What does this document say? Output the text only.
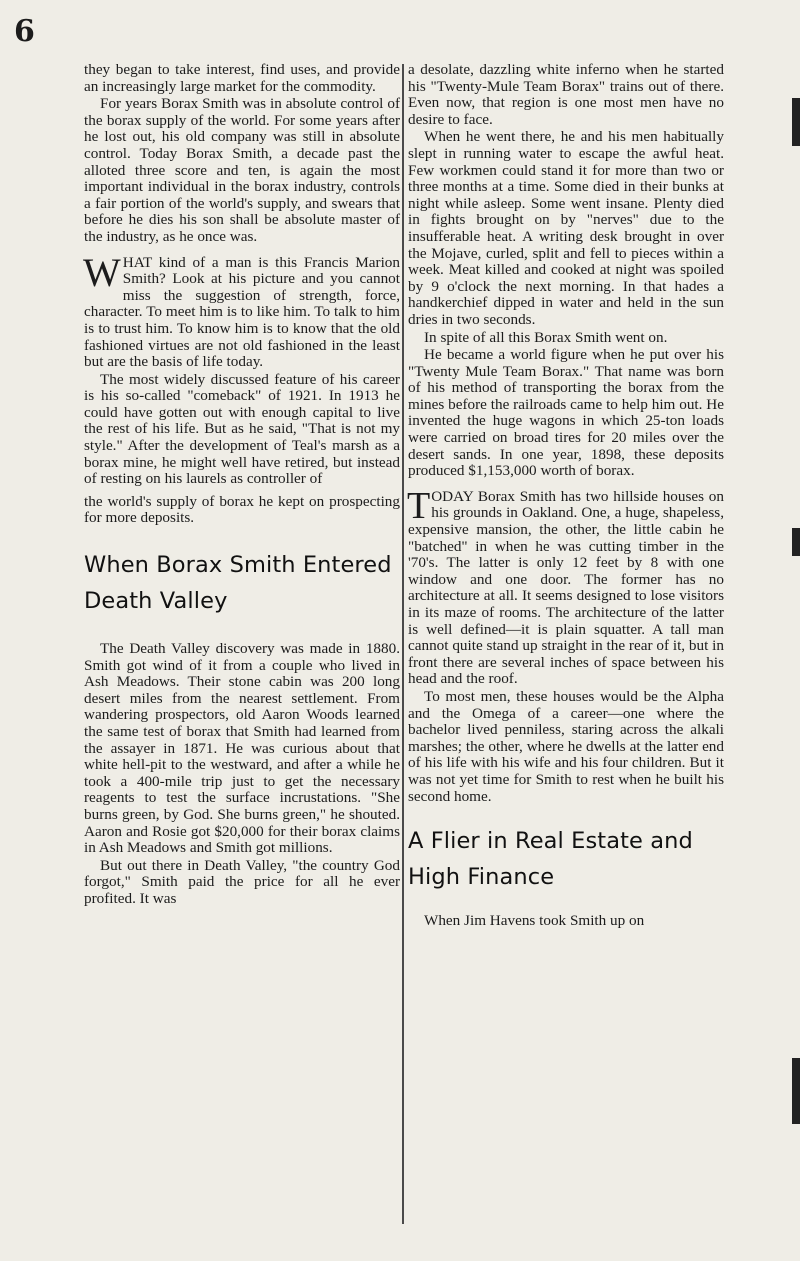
6

they began to take interest, find uses, and provide an increasingly large market for the commodity.

For years Borax Smith was in absolute control of the borax supply of the world. For some years after he lost out, his old company was still in absolute control. Today Borax Smith, a decade past the alloted three score and ten, is again the most important individual in the borax industry, controls a fair portion of the world's supply, and swears that before he dies his son shall be absolute master of the industry, as he once was.

WHAT kind of a man is this Francis Marion Smith? Look at his picture and you cannot miss the suggestion of strength, force, character. To meet him is to like him. To talk to him is to trust him. To know him is to know that the old fashioned virtues are not old fashioned in the least but are the basis of life today.

The most widely discussed feature of his career is his so-called "comeback" of 1921. In 1913 he could have gotten out with enough capital to live the rest of his life. But as he said, "That is not my style." After the development of Teal's marsh as a borax mine, he might well have retired, but instead of resting on his laurels as controller of

the world's supply of borax he kept on prospecting for more deposits.

When Borax Smith Entered Death Valley

The Death Valley discovery was made in 1880. Smith got wind of it from a couple who lived in Ash Meadows. Their stone cabin was 200 long desert miles from the nearest settlement. From wandering prospectors, old Aaron Woods learned the same test of borax that Smith had learned from the assayer in 1871. He was curious about that white hell-pit to the westward, and after a while he took a 400-mile trip just to get the necessary reagents to test the surface incrustations. "She burns green, by God. She burns green," he shouted. Aaron and Rosie got $20,000 for their borax claims in Ash Meadows and Smith got millions.

But out there in Death Valley, "the country God forgot," Smith paid the price for all he ever profited. It was

a desolate, dazzling white inferno when he started his "Twenty-Mule Team Borax" trains out of there. Even now, that region is one most men have no desire to face.

When he went there, he and his men habitually slept in running water to escape the awful heat. Few workmen could stand it for more than two or three months at a time. Some died in their bunks at night while asleep. Some went insane. Plenty died in fights brought on by "nerves" due to the insufferable heat. A writing desk brought in over the Mojave, curled, split and fell to pieces within a week. Meat killed and cooked at night was spoiled by 9 o'clock the next morning. In that hades a handkerchief dipped in water and held in the sun dries in two seconds.

In spite of all this Borax Smith went on.

He became a world figure when he put over his "Twenty Mule Team Borax." That name was born of his method of transporting the borax from the mines before the railroads came to help him out. He invented the huge wagons in which 25-ton loads were carried on broad tires for 20 miles over the desert sands. In one year, 1898, these deposits produced $1,153,000 worth of borax.

TODAY Borax Smith has two hillside houses on his grounds in Oakland. One, a huge, shapeless, expensive mansion, the other, the little cabin he "batched" in when he was cutting timber in the '70's. The latter is only 12 feet by 8 with one window and one door. The former has no architecture at all. It seems designed to lose visitors in its maze of rooms. The architecture of the latter is well defined—it is plain squatter. A tall man cannot quite stand up straight in the rear of it, but in front there are several inches of space between his head and the roof.

To most men, these houses would be the Alpha and the Omega of a career—one where the bachelor lived penniless, staring across the alkali marshes; the other, where he dwells at the latter end of his life with his wife and his four children. But it was not yet time for Smith to rest when he built his second home.

A Flier in Real Estate and High Finance

When Jim Havens took Smith up on
